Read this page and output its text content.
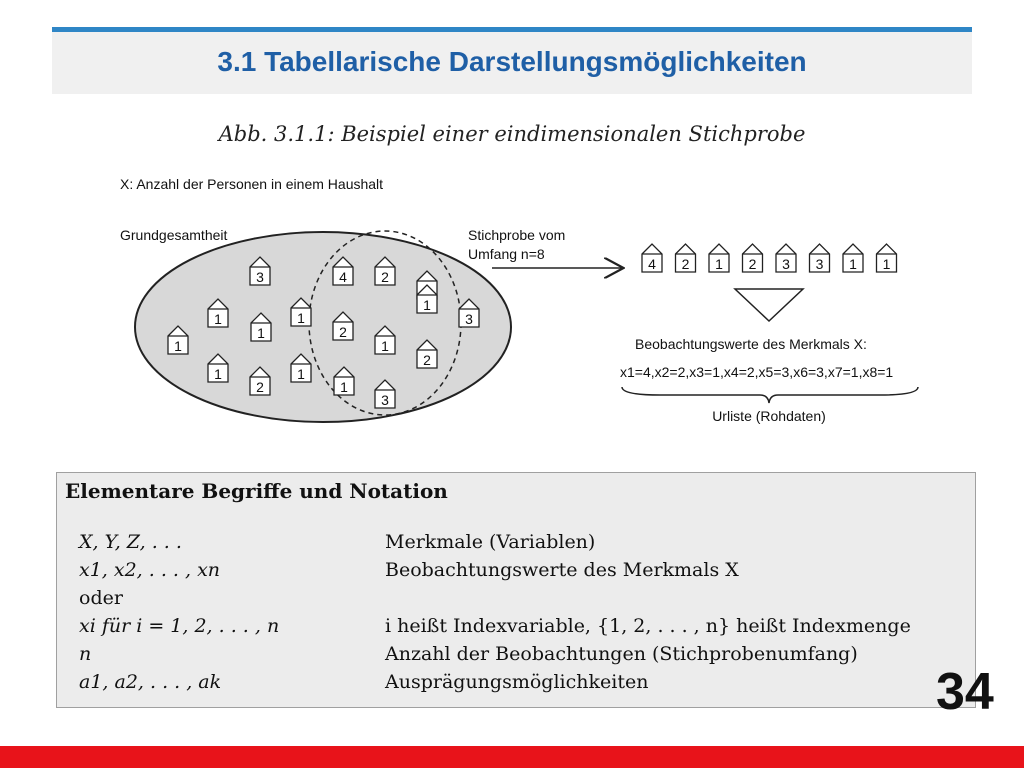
3.1 Tabellarische Darstellungsmöglichkeiten
Abb. 3.1.1: Beispiel einer eindimensionalen Stichprobe
X: Anzahl der Personen in einem Haushalt
Grundgesamtheit
3	4 2
1
1
1
2
1
1
3
1
1
2
1
1
3
2
Stichprobe vom
Umfang n=8
4 2 1 2 3 3 1 1
Beobachtungswerte des Merkmals X:
x1=4,x2=2,x3=1,x4=2,x5=3,x6=3,x7=1,x8=1
Urliste (Rohdaten)
Elementare Begriffe und Notation
X, Y, Z, . . .	Merkmale (Variablen)
x1, x2, . . . , xn	Beobachtungswerte des Merkmals X
oder
xi für i = 1, 2, . . . , n	i heißt Indexvariable, {1, 2, . . . , n} heißt Indexmenge
n	Anzahl der Beobachtungen (Stichprobenumfang)
a1, a2, . . . , ak	Ausprägungsmöglichkeiten	34
